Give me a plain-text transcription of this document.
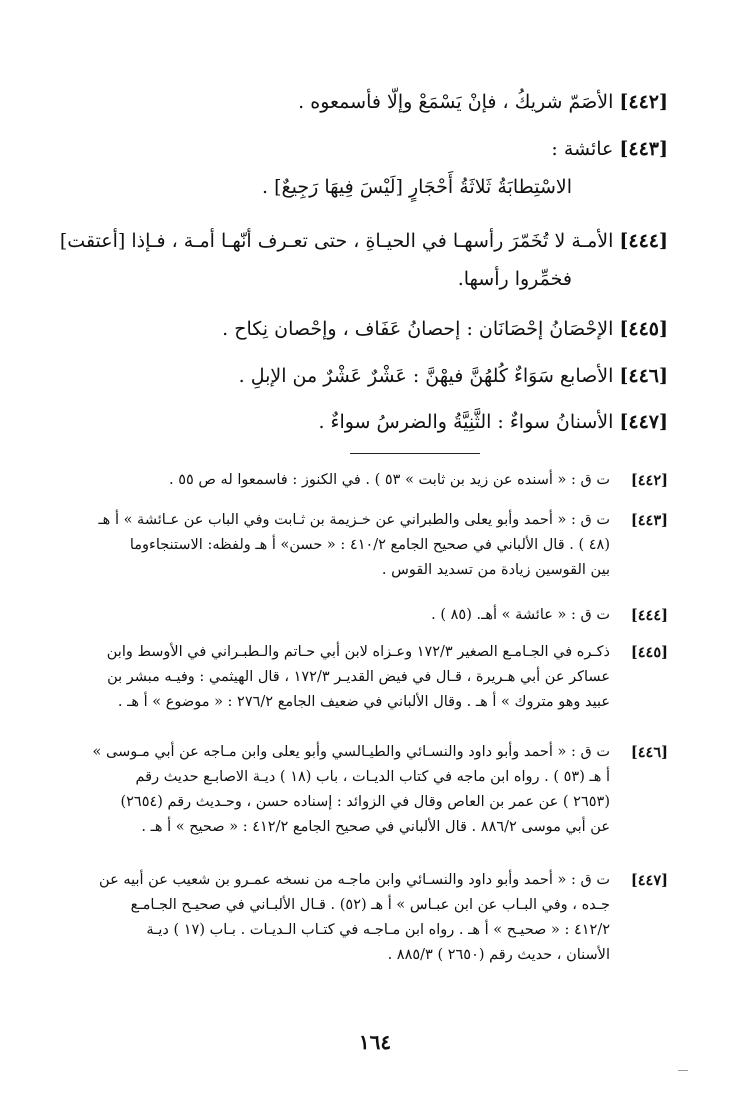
[٤٤٢]الأصَمّ شريكُ ، فإنْ يَسْمَعْ وإلّا فأسمعوه .
[٤٤٣]عائشة :
الاسْتِطابَةُ ثَلاثَةُ أَحْجَارٍ [لَيْسَ فِيهَا رَجِيعٌ] .
[٤٤٤]الأمـة لا تُخَمّرَ رأسهـا في الحيـاةِ ، حتى تعـرف أنّهـا أمـة ، فـإذا [أعتقت]
فخمِّروا رأسها.
[٤٤٥]الإحْصَانُ إحْصَانَان : إحصانُ عَفَاف ، وإحْصان نِكاح .
[٤٤٦]الأصابع سَوَاءٌ كُلهُنَّ فيهْنَّ : عَشْرٌ عَشْرٌ من الإبلِ .
[٤٤٧]الأسنانُ سواءٌ : الثَّنِيَّةُ والضرسُ سواءٌ .
[٤٤٢]
ت ق : « أسنده عن زيد بن ثابت » ٥٣ ) . في الكنوز : فاسمعوا له ص ٥٥ .
[٤٤٣]
ت ق : « أحمد وأبو يعلى والطبراني عن خـزيمة بن ثـابت وفي الباب عن عـائشة » أ هـ
(٤٨ ) . قال الألباني في صحيح الجامع ٤١٠/٢ : « حسن» أ هـ ولفظه: الاستنجاءوما
بين القوسين زيادة من تسديد القوس .
[٤٤٤]
ت ق : « عائشة » أهـ. (٨٥ ) .
[٤٤٥]
ذكـره في الجـامـع الصغير ١٧٢/٣ وعـزاه لابن أبي حـاتم والـطبـراني في الأوسط وابن
عساكر عن أبي هـريرة ، قـال في فيض القديـر ١٧٢/٣ ، قال الهيثمي : وفيـه مبشر بن
عبيد وهو متروك » أ هـ . وقال الألباني في ضعيف الجامع ٢٧٦/٢ : « موضوع » أ هـ .
[٤٤٦]
ت ق : « أحمد وأبو داود والنسـائي والطيـالسي وأبو يعلى وابن مـاجه عن أبي مـوسى »
أ هـ (٥٣ ) . رواه ابن ماجه في كتاب الديـات ، باب (١٨ ) ديـة الاصابـع حديث رقم
(٢٦٥٣ ) عن عمر بن العاص وقال في الزوائد : إسناده حسن ، وحـديث رقم (٢٦٥٤)
عن أبي موسى ٨٨٦/٢ . قال الألباني في صحيح الجامع ٤١٢/٢ : « صحيح » أ هـ .
[٤٤٧]
ت ق : « أحمد وأبو داود والنسـائي وابن ماجـه من نسخه عمـرو بن شعيب عن أبيه عن
جـده ، وفي البـاب عن ابن عبـاس » أ هـ (٥٢) . قـال الألبـاني في صحيـح الجـامـع
٤١٢/٢ : « صحيـح » أ هـ . رواه ابن مـاجـه في كتـاب الـديـات . بـاب (١٧ ) ديـة
الأسنان ، حديث رقم (٢٦٥٠ ) ٨٨٥/٣ .
١٦٤
